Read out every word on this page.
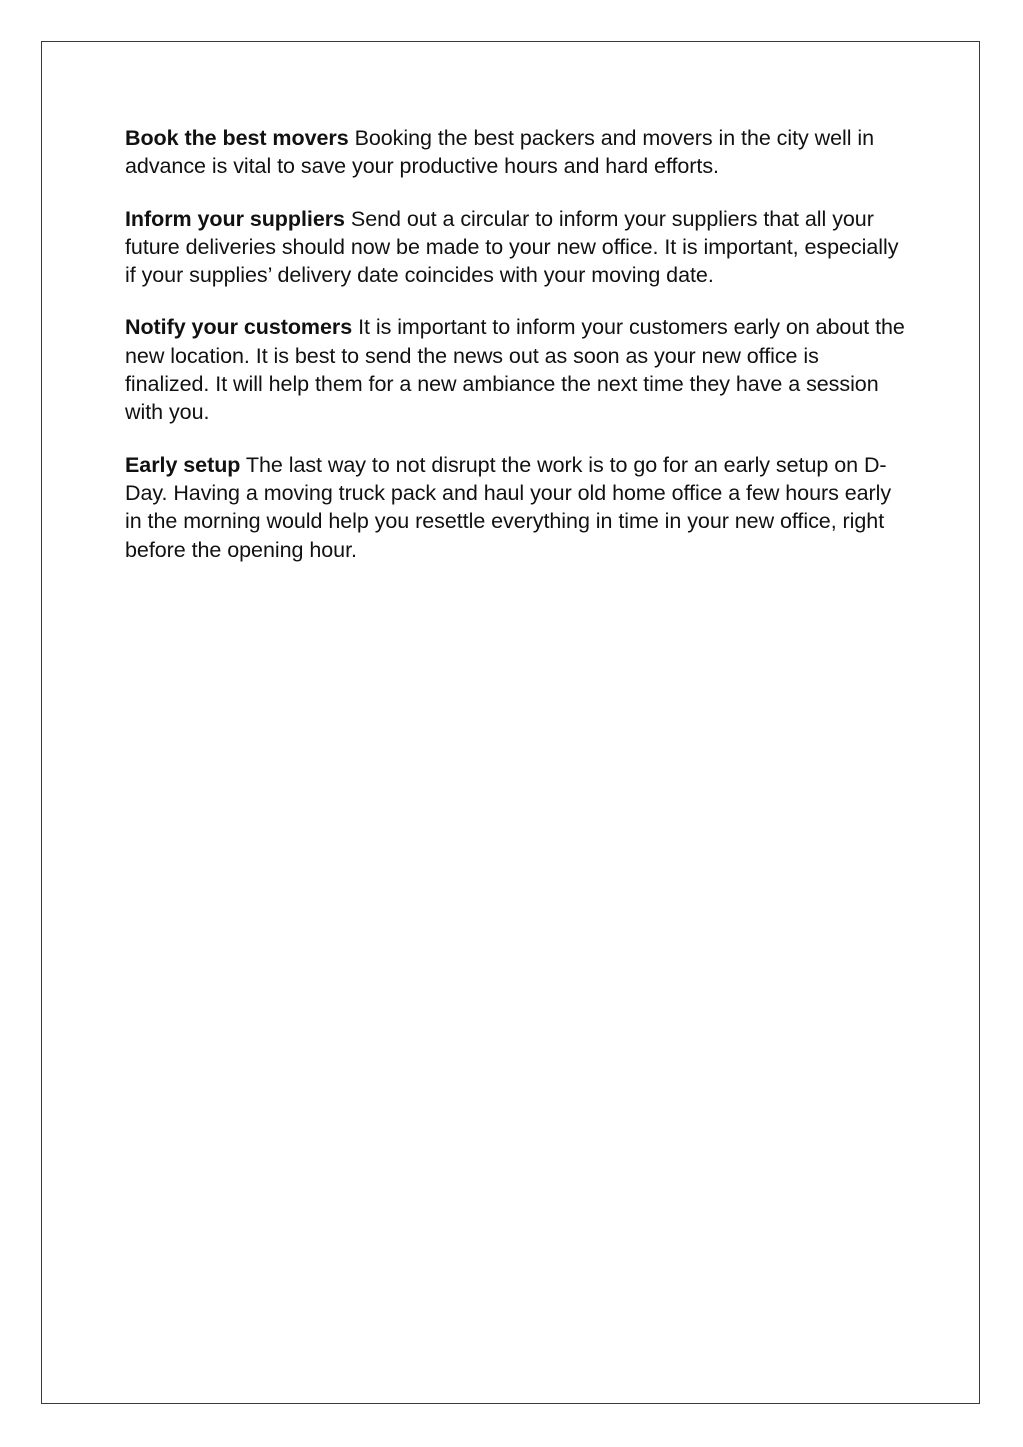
Book the best movers Booking the best packers and movers in the city well in advance is vital to save your productive hours and hard efforts.

Inform your suppliers Send out a circular to inform your suppliers that all your future deliveries should now be made to your new office. It is important, especially if your supplies’ delivery date coincides with your moving date.

Notify your customers It is important to inform your customers early on about the new location. It is best to send the news out as soon as your new office is finalized. It will help them for a new ambiance the next time they have a session with you.

Early setup The last way to not disrupt the work is to go for an early setup on D-Day. Having a moving truck pack and haul your old home office a few hours early in the morning would help you resettle everything in time in your new office, right before the opening hour.
